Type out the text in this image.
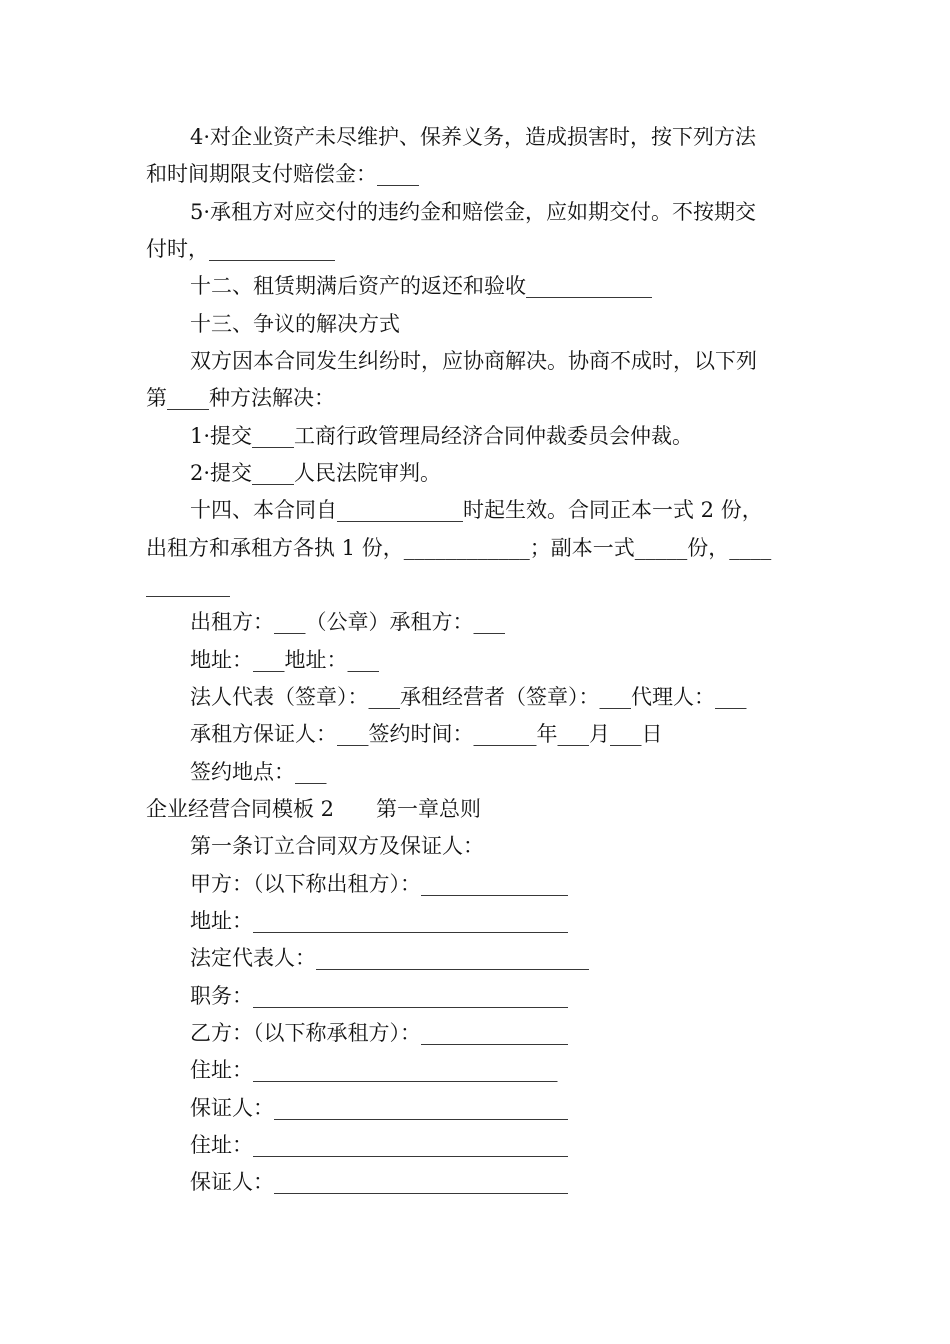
4·对企业资产未尽维护、保养义务，造成损害时，按下列方法
和时间期限支付赔偿金：____
5·承租方对应交付的违约金和赔偿金，应如期交付。不按期交
付时，____________
十二、租赁期满后资产的返还和验收____________
十三、争议的解决方式
双方因本合同发生纠纷时，应协商解决。协商不成时，以下列
第____种方法解决：
1·提交____工商行政管理局经济合同仲裁委员会仲裁。
2·提交____人民法院审判。
十四、本合同自____________时起生效。合同正本一式 2 份，
出租方和承租方各执 1 份，____________；副本一式_____份，____
________
出租方：___（公章）承租方：___
地址：___地址：___
法人代表（签章）：___承租经营者（签章）：___代理人：___
承租方保证人：___签约时间：______年___月___日
签约地点：___
企业经营合同模板 2　　第一章总则
第一条订立合同双方及保证人：
甲方：（以下称出租方）：______________
地址：______________________________
法定代表人：__________________________
职务：______________________________
乙方：（以下称承租方）：______________
住址：_____________________________
保证人：____________________________
住址：______________________________
保证人：____________________________
